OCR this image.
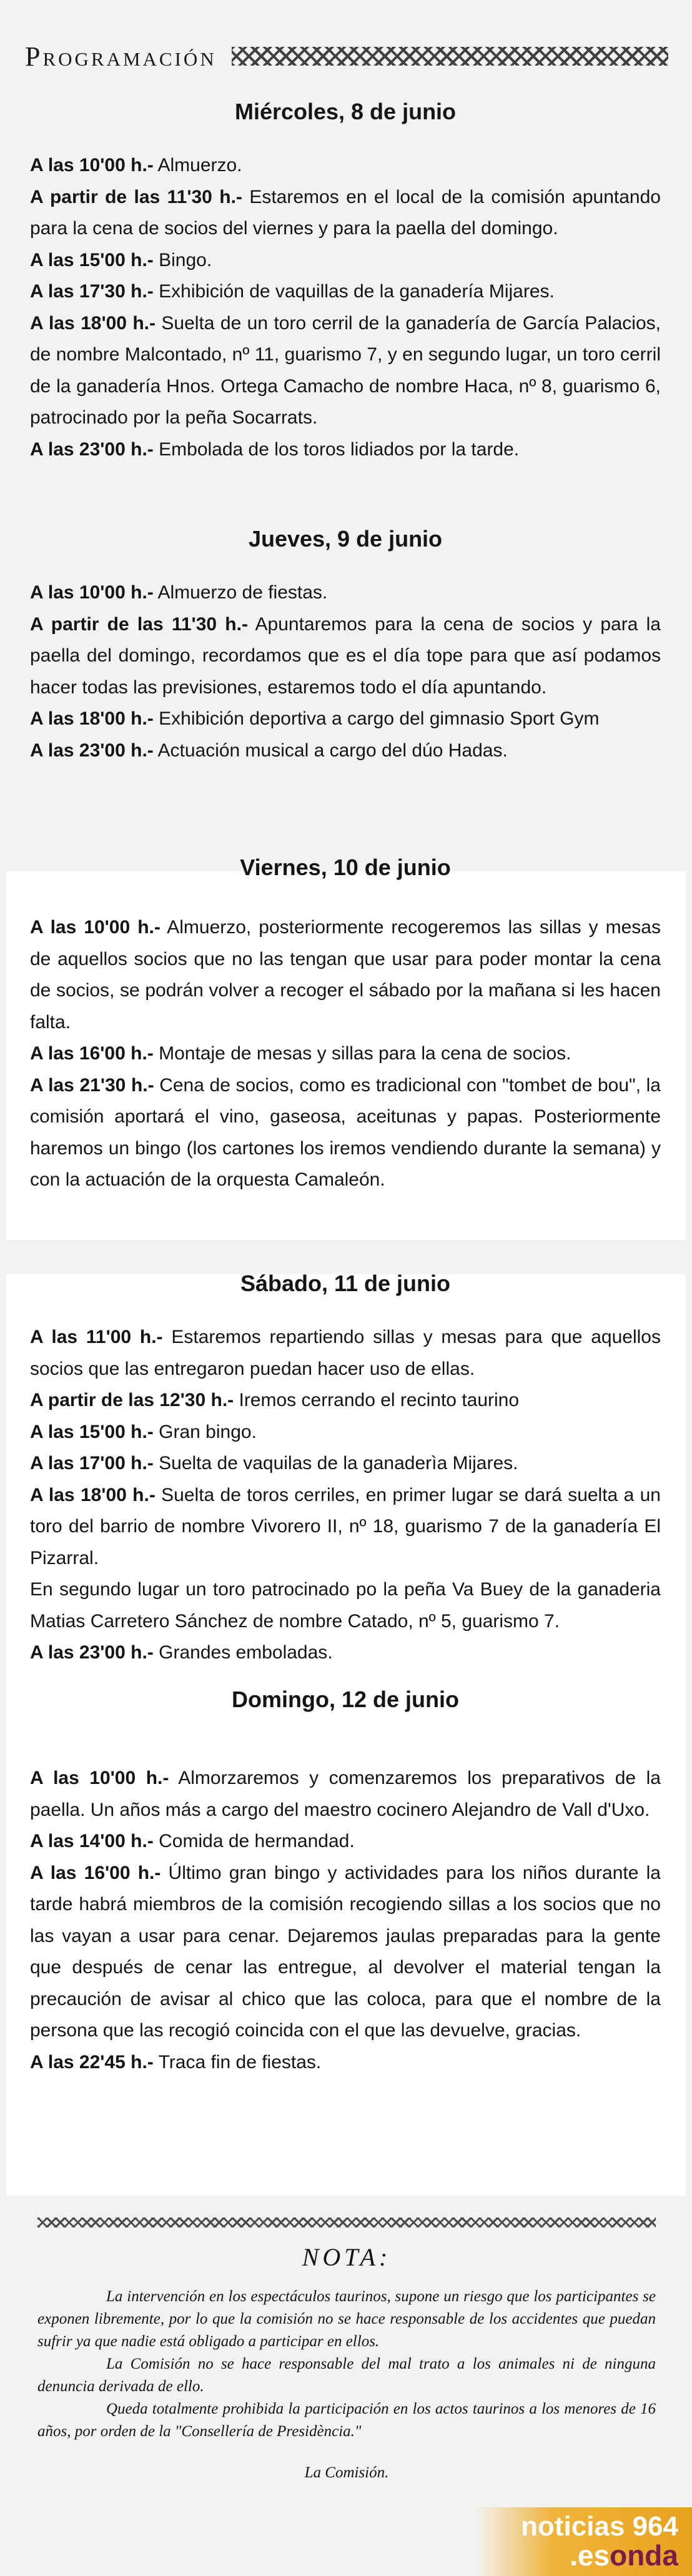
Programación
Miércoles, 8 de junio

A las 10'00 h.- Almuerzo.

A partir de las 11'30 h.- Estaremos en el local de la comisión apuntando para la cena de socios del viernes y para la paella del domingo.

A las 15'00 h.- Bingo.

A las 17'30 h.- Exhibición de vaquillas de la ganadería Mijares.

A las 18'00 h.- Suelta de un toro cerril de la ganadería de García Palacios, de nombre Malcontado, nº 11, guarismo 7, y en segundo lugar, un toro cerril de la ganadería Hnos. Ortega Camacho de nombre Haca, nº 8, guarismo 6, patrocinado por la peña Socarrats.

A las 23'00 h.- Embolada de los toros lidiados por la tarde.

Jueves, 9 de junio

A las 10'00 h.- Almuerzo de fiestas.

A partir de las 11'30 h.- Apuntaremos para la cena de socios y para la paella del domingo, recordamos que es el día tope para que así podamos hacer todas las previsiones, estaremos todo el día apuntando.

A las 18'00 h.- Exhibición deportiva a cargo del gimnasio Sport Gym

A las 23'00 h.- Actuación musical a cargo del dúo Hadas.

Viernes, 10 de junio

A las 10'00 h.- Almuerzo, posteriormente recogeremos las sillas y mesas de aquellos socios que no las tengan que usar para poder montar la cena de socios, se podrán volver a recoger el sábado por la mañana si les hacen falta.

A las 16'00 h.- Montaje de mesas y sillas para la cena de socios.

A las 21'30 h.- Cena de socios, como es tradicional con "tombet de bou", la comisión aportará el vino, gaseosa, aceitunas y papas. Posteriormente haremos un bingo (los cartones los iremos vendiendo durante la semana) y con la actuación de la orquesta Camaleón.

Sábado, 11 de junio

A las 11'00 h.- Estaremos repartiendo sillas y mesas para que aquellos socios que las entregaron puedan hacer uso de ellas.

A partir de las 12'30 h.- Iremos cerrando el recinto taurino

A las 15'00 h.- Gran bingo.

A las 17'00 h.- Suelta de vaquilas de la ganaderìa Mijares.

A las 18'00 h.- Suelta de toros cerriles, en primer lugar se dará suelta a un toro del barrio de nombre Vivorero II, nº 18, guarismo 7 de la ganadería El Pizarral.

En segundo lugar un toro patrocinado po la peña Va Buey de la ganaderia Matias Carretero Sánchez de nombre Catado, nº 5, guarismo 7.

A las 23'00 h.- Grandes emboladas.

Domingo, 12 de junio

A las 10'00 h.- Almorzaremos y comenzaremos los preparativos de la paella. Un años más a cargo del maestro cocinero Alejandro de Vall d'Uxo.

A las 14'00 h.- Comida de hermandad.

A las 16'00 h.- Último gran bingo y actividades para los niños durante la tarde habrá miembros de la comisión recogiendo sillas a los socios que no las vayan a usar para cenar. Dejaremos jaulas preparadas para la gente que después de cenar las entregue, al devolver el material tengan la precaución de avisar al chico que las coloca, para que el nombre de la persona que las recogió coincida con el que las devuelve, gracias.

A las 22'45 h.- Traca fin de fiestas.

NOTA:

La intervención en los espectáculos taurinos, supone un riesgo que los participantes se exponen libremente, por lo que la comisión no se hace responsable de los accidentes que puedan sufrir ya que nadie está obligado a participar en ellos.

La Comisión no se hace responsable del mal trato a los animales ni de ninguna denuncia derivada de ello.

Queda totalmente prohibida la participación en los actos taurinos a los menores de 16 años, por orden de la "Consellería de Presidència."

La Comisión.

noticias 964
.esonda
